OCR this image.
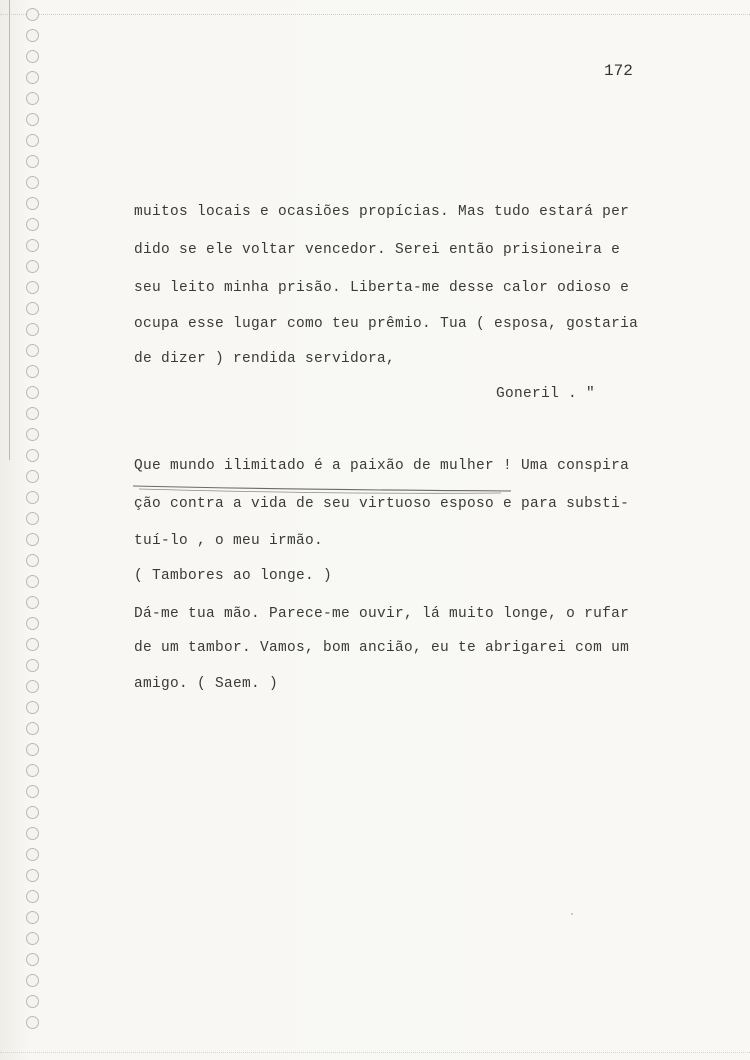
172
muitos locais e ocasiões propícias. Mas tudo estará per
dido se ele voltar vencedor. Serei então prisioneira e
seu leito minha prisão. Liberta-me desse calor odioso e
ocupa esse lugar como teu prêmio. Tua ( esposa, gostaria
de dizer ) rendida servidora,
Goneril . "
Que mundo ilimitado é a paixão de mulher ! Uma conspira
ção contra a vida de seu virtuoso esposo e para substi-
tuí-lo , o meu irmão.
( Tambores ao longe. )
Dá-me tua mão. Parece-me ouvir, lá muito longe, o rufar
de um tambor. Vamos, bom ancião, eu te abrigarei com um
amigo. ( Saem. )
